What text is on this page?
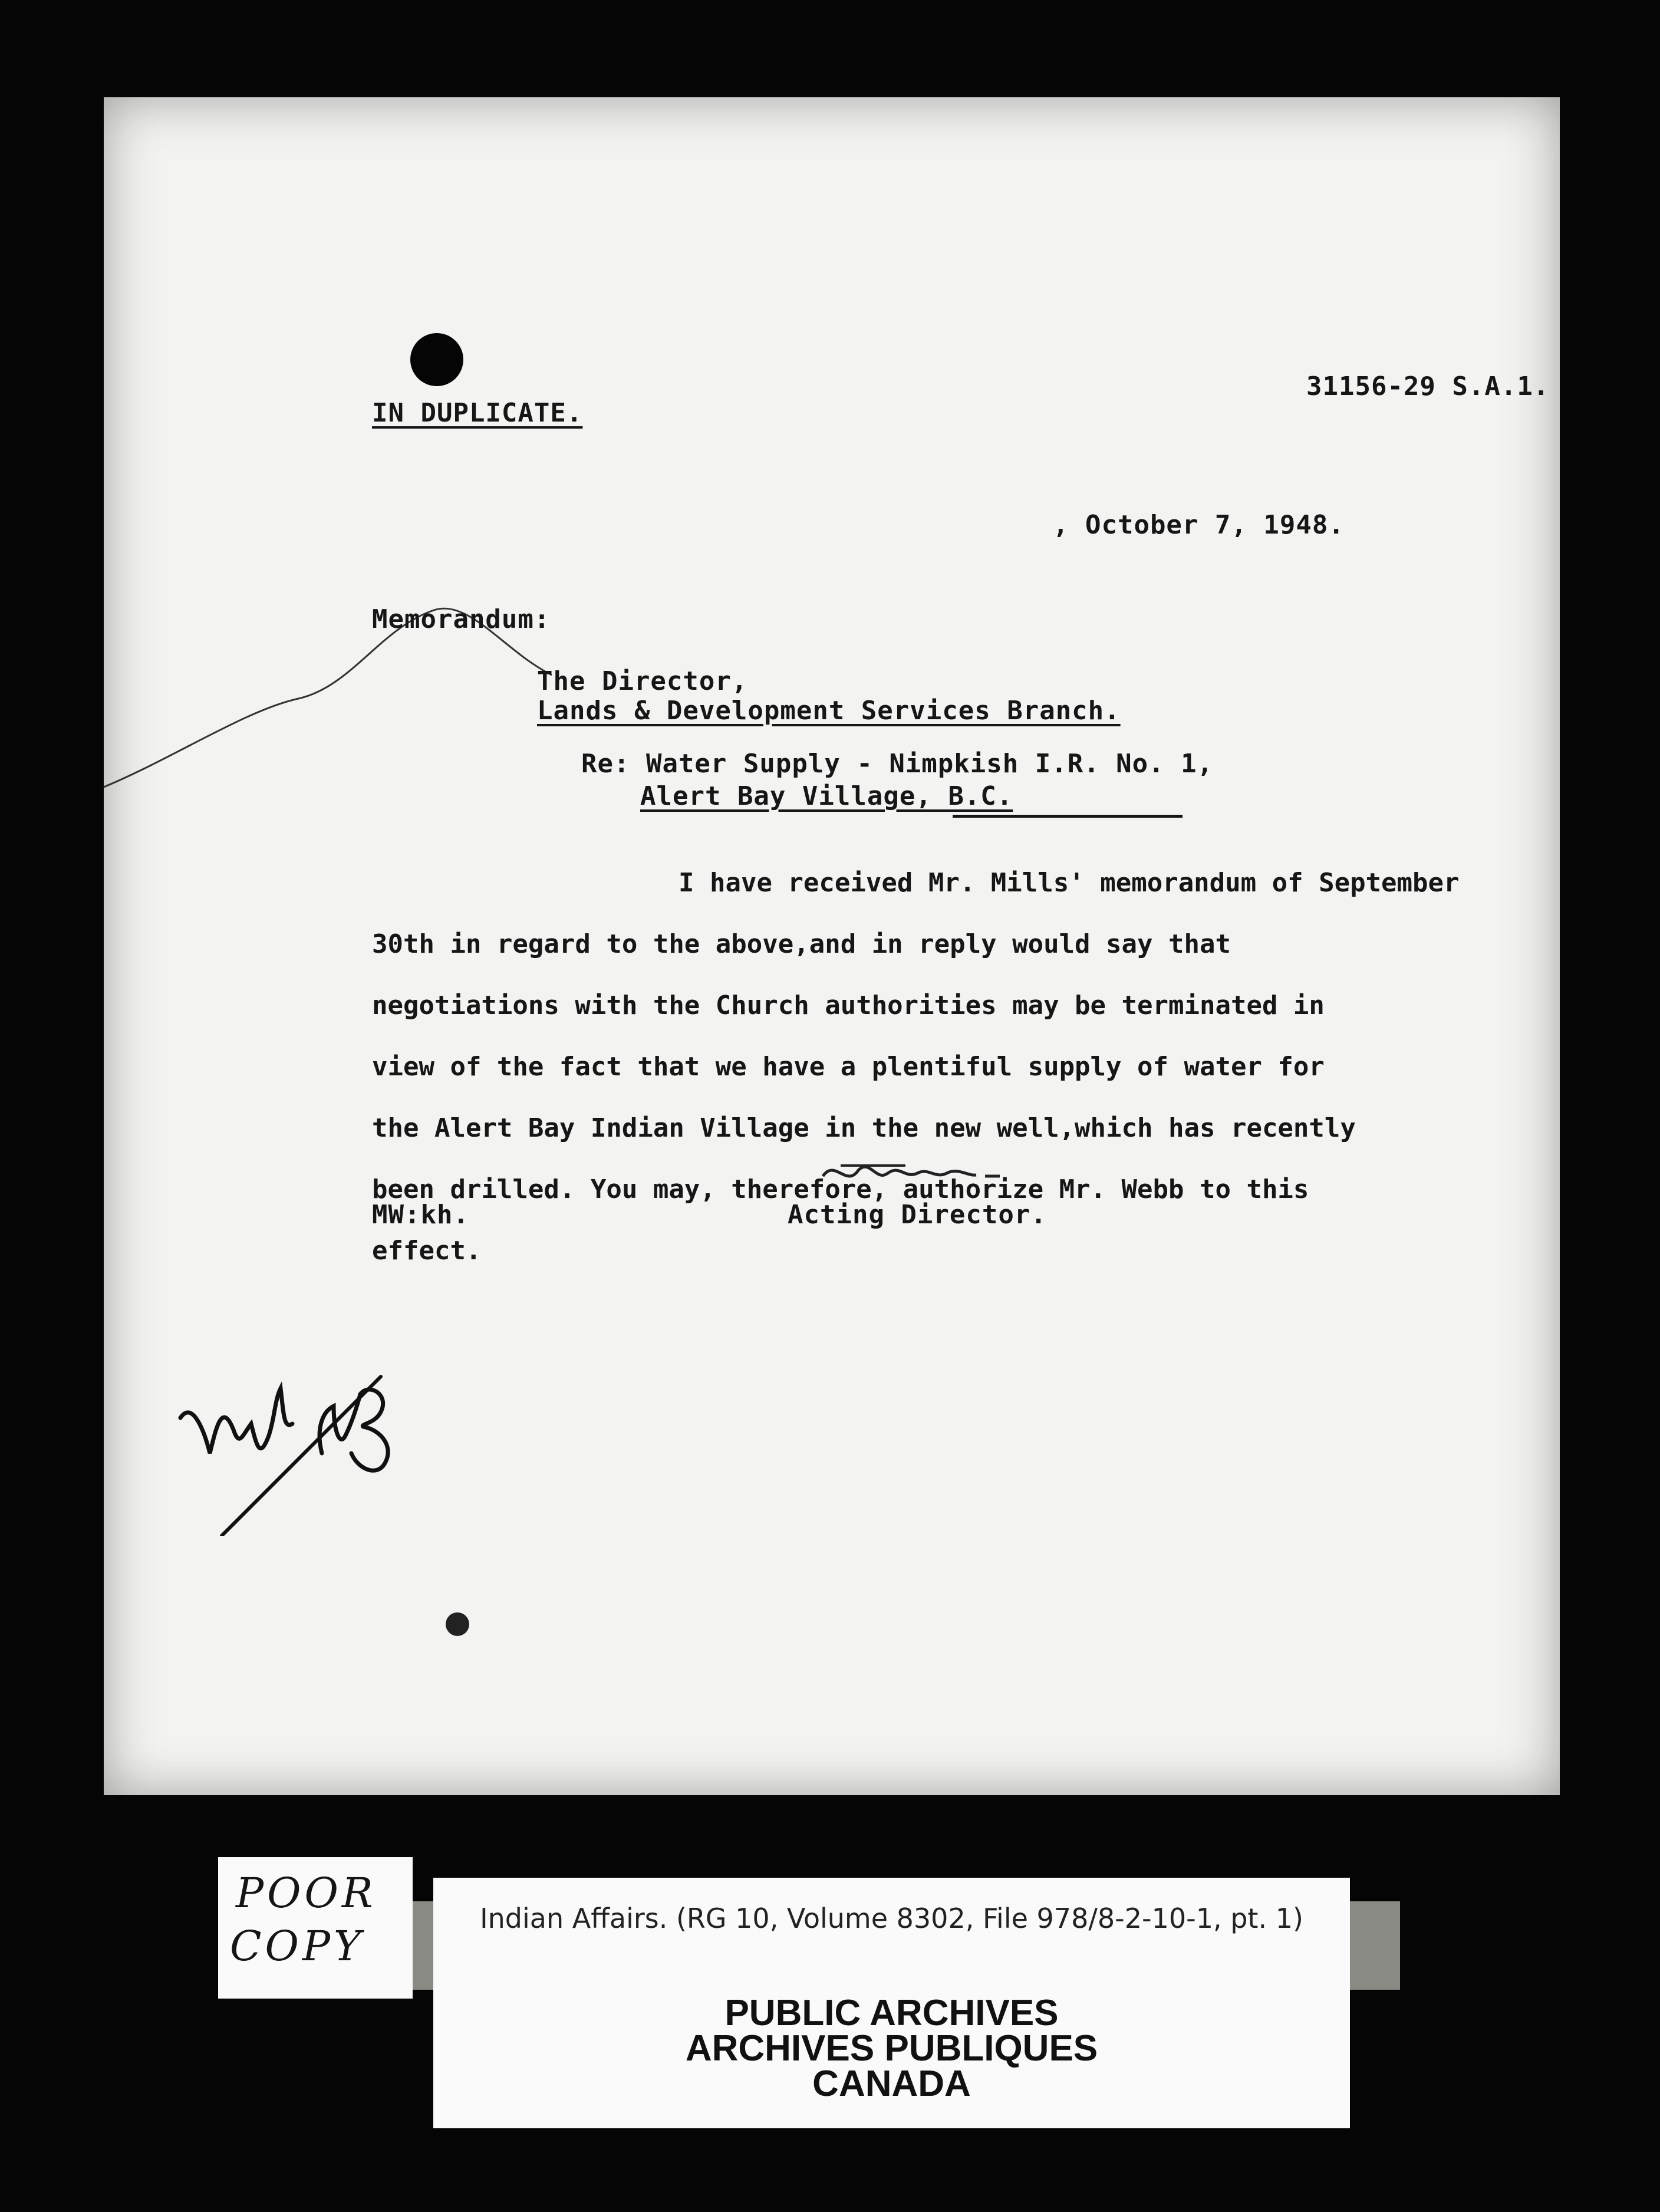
31156-29 S.A.1.
IN DUPLICATE.
, October 7, 1948.
Memorandum:
The Director,
Lands & Development Services Branch.
Re: Water Supply - Nimpkish I.R. No. 1,
Alert Bay Village, B.C.

I have received Mr. Mills' memorandum of September

30th in regard to the above,and in reply would say that

negotiations with the Church authorities may be terminated in

view of the fact that we have a plentiful supply of water for

the Alert Bay Indian Village in the new well,which has recently

been drilled. You may, therefore, authorize Mr. Webb to this

effect.

MW:kh.	Acting Director.
POOR
COPY
Indian Affairs. (RG 10, Volume 8302, File 978/8-2-10-1, pt. 1)
PUBLIC ARCHIVES
ARCHIVES PUBLIQUES
CANADA
